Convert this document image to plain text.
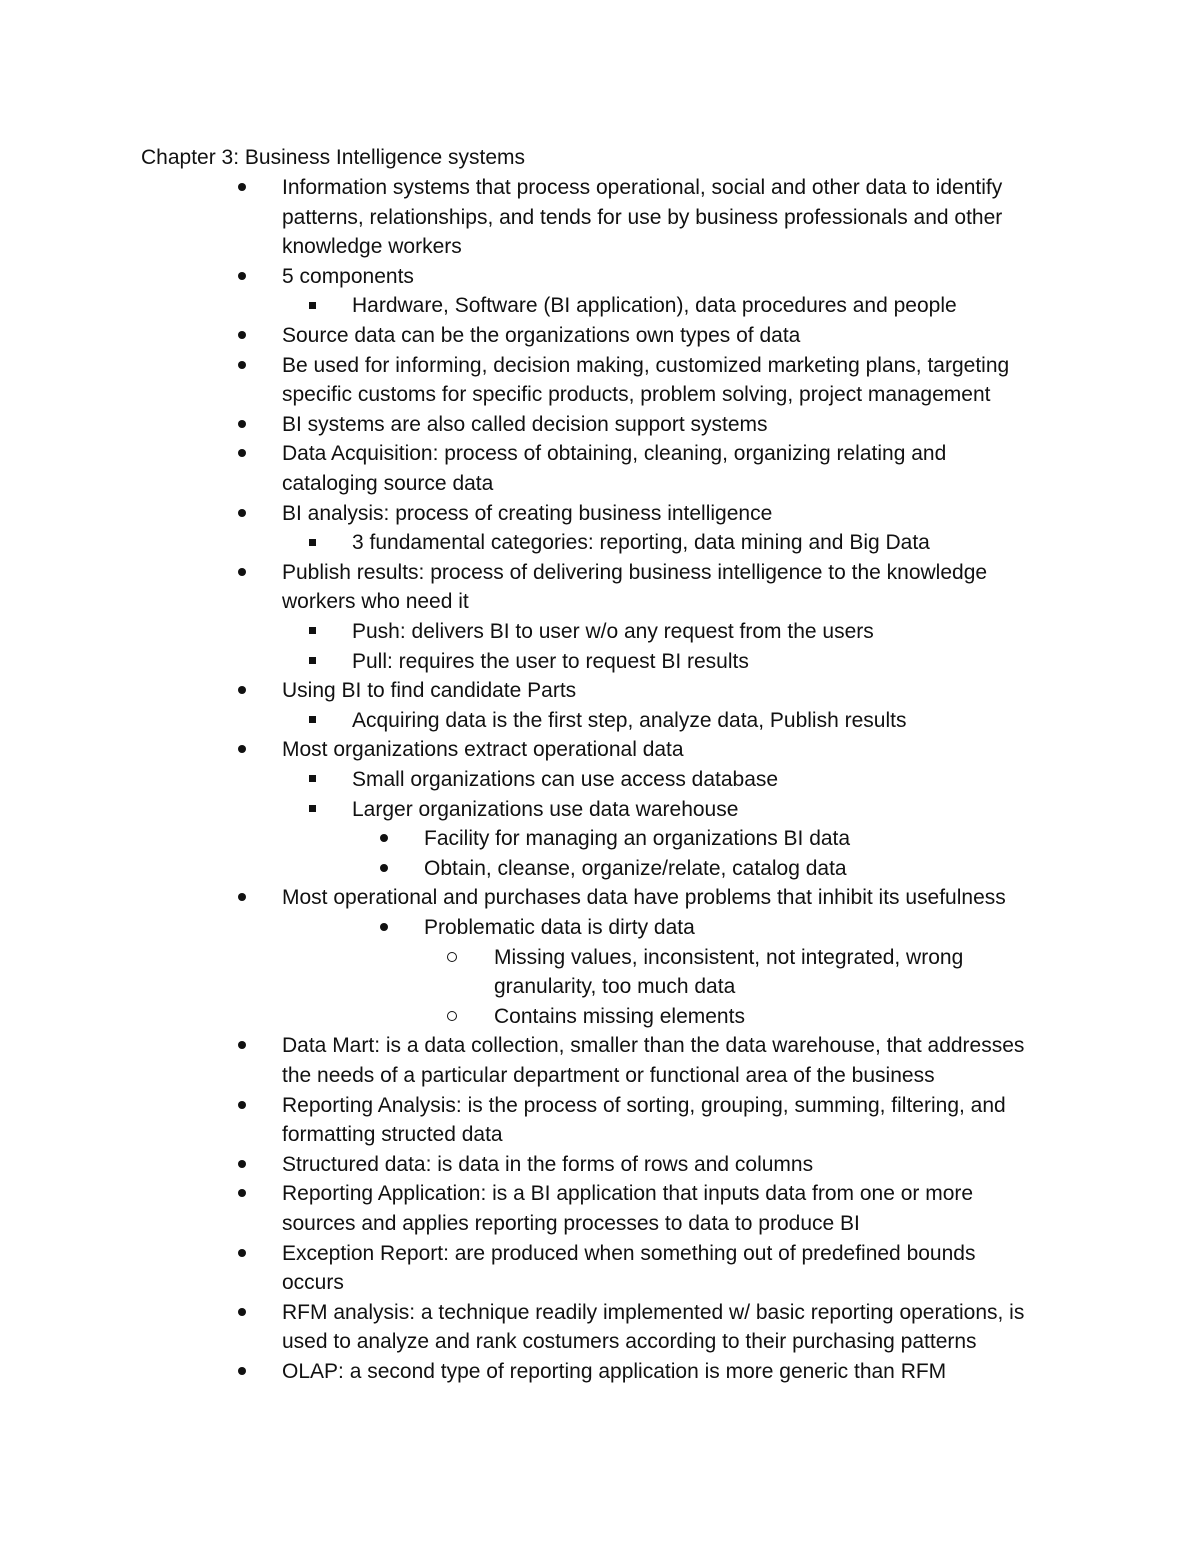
Chapter 3: Business Intelligence systems
Information systems that process operational, social and other data to identify
patterns, relationships, and tends for use by business professionals and other
knowledge workers
5 components
Hardware, Software (BI application), data procedures and people
Source data can be the organizations own types of data
Be used for informing, decision making, customized marketing plans, targeting
specific customs for specific products, problem solving, project management
BI systems are also called decision support systems
Data Acquisition: process of obtaining, cleaning, organizing relating and
cataloging source data
BI analysis: process of creating business intelligence
3 fundamental categories: reporting, data mining and Big Data
Publish results: process of delivering business intelligence to the knowledge
workers who need it
Push: delivers BI to user w/o any request from the users
Pull: requires the user to request BI results
Using BI to find candidate Parts
Acquiring data is the first step, analyze data, Publish results
Most organizations extract operational data
Small organizations can use access database
Larger organizations use data warehouse
Facility for managing an organizations BI data
Obtain, cleanse, organize/relate, catalog data
Most operational and purchases data have problems that inhibit its usefulness
Problematic data is dirty data
Missing values, inconsistent, not integrated, wrong
granularity, too much data
Contains missing elements
Data Mart: is a data collection, smaller than the data warehouse, that addresses
the needs of a particular department or functional area of the business
Reporting Analysis: is the process of sorting, grouping, summing, filtering, and
formatting structed data
Structured data: is data in the forms of rows and columns
Reporting Application: is a BI application that inputs data from one or more
sources and applies reporting processes to data to produce BI
Exception Report: are produced when something out of predefined bounds
occurs
RFM analysis: a technique readily implemented w/ basic reporting operations, is
used to analyze and rank costumers according to their purchasing patterns
OLAP: a second type of reporting application is more generic than RFM
